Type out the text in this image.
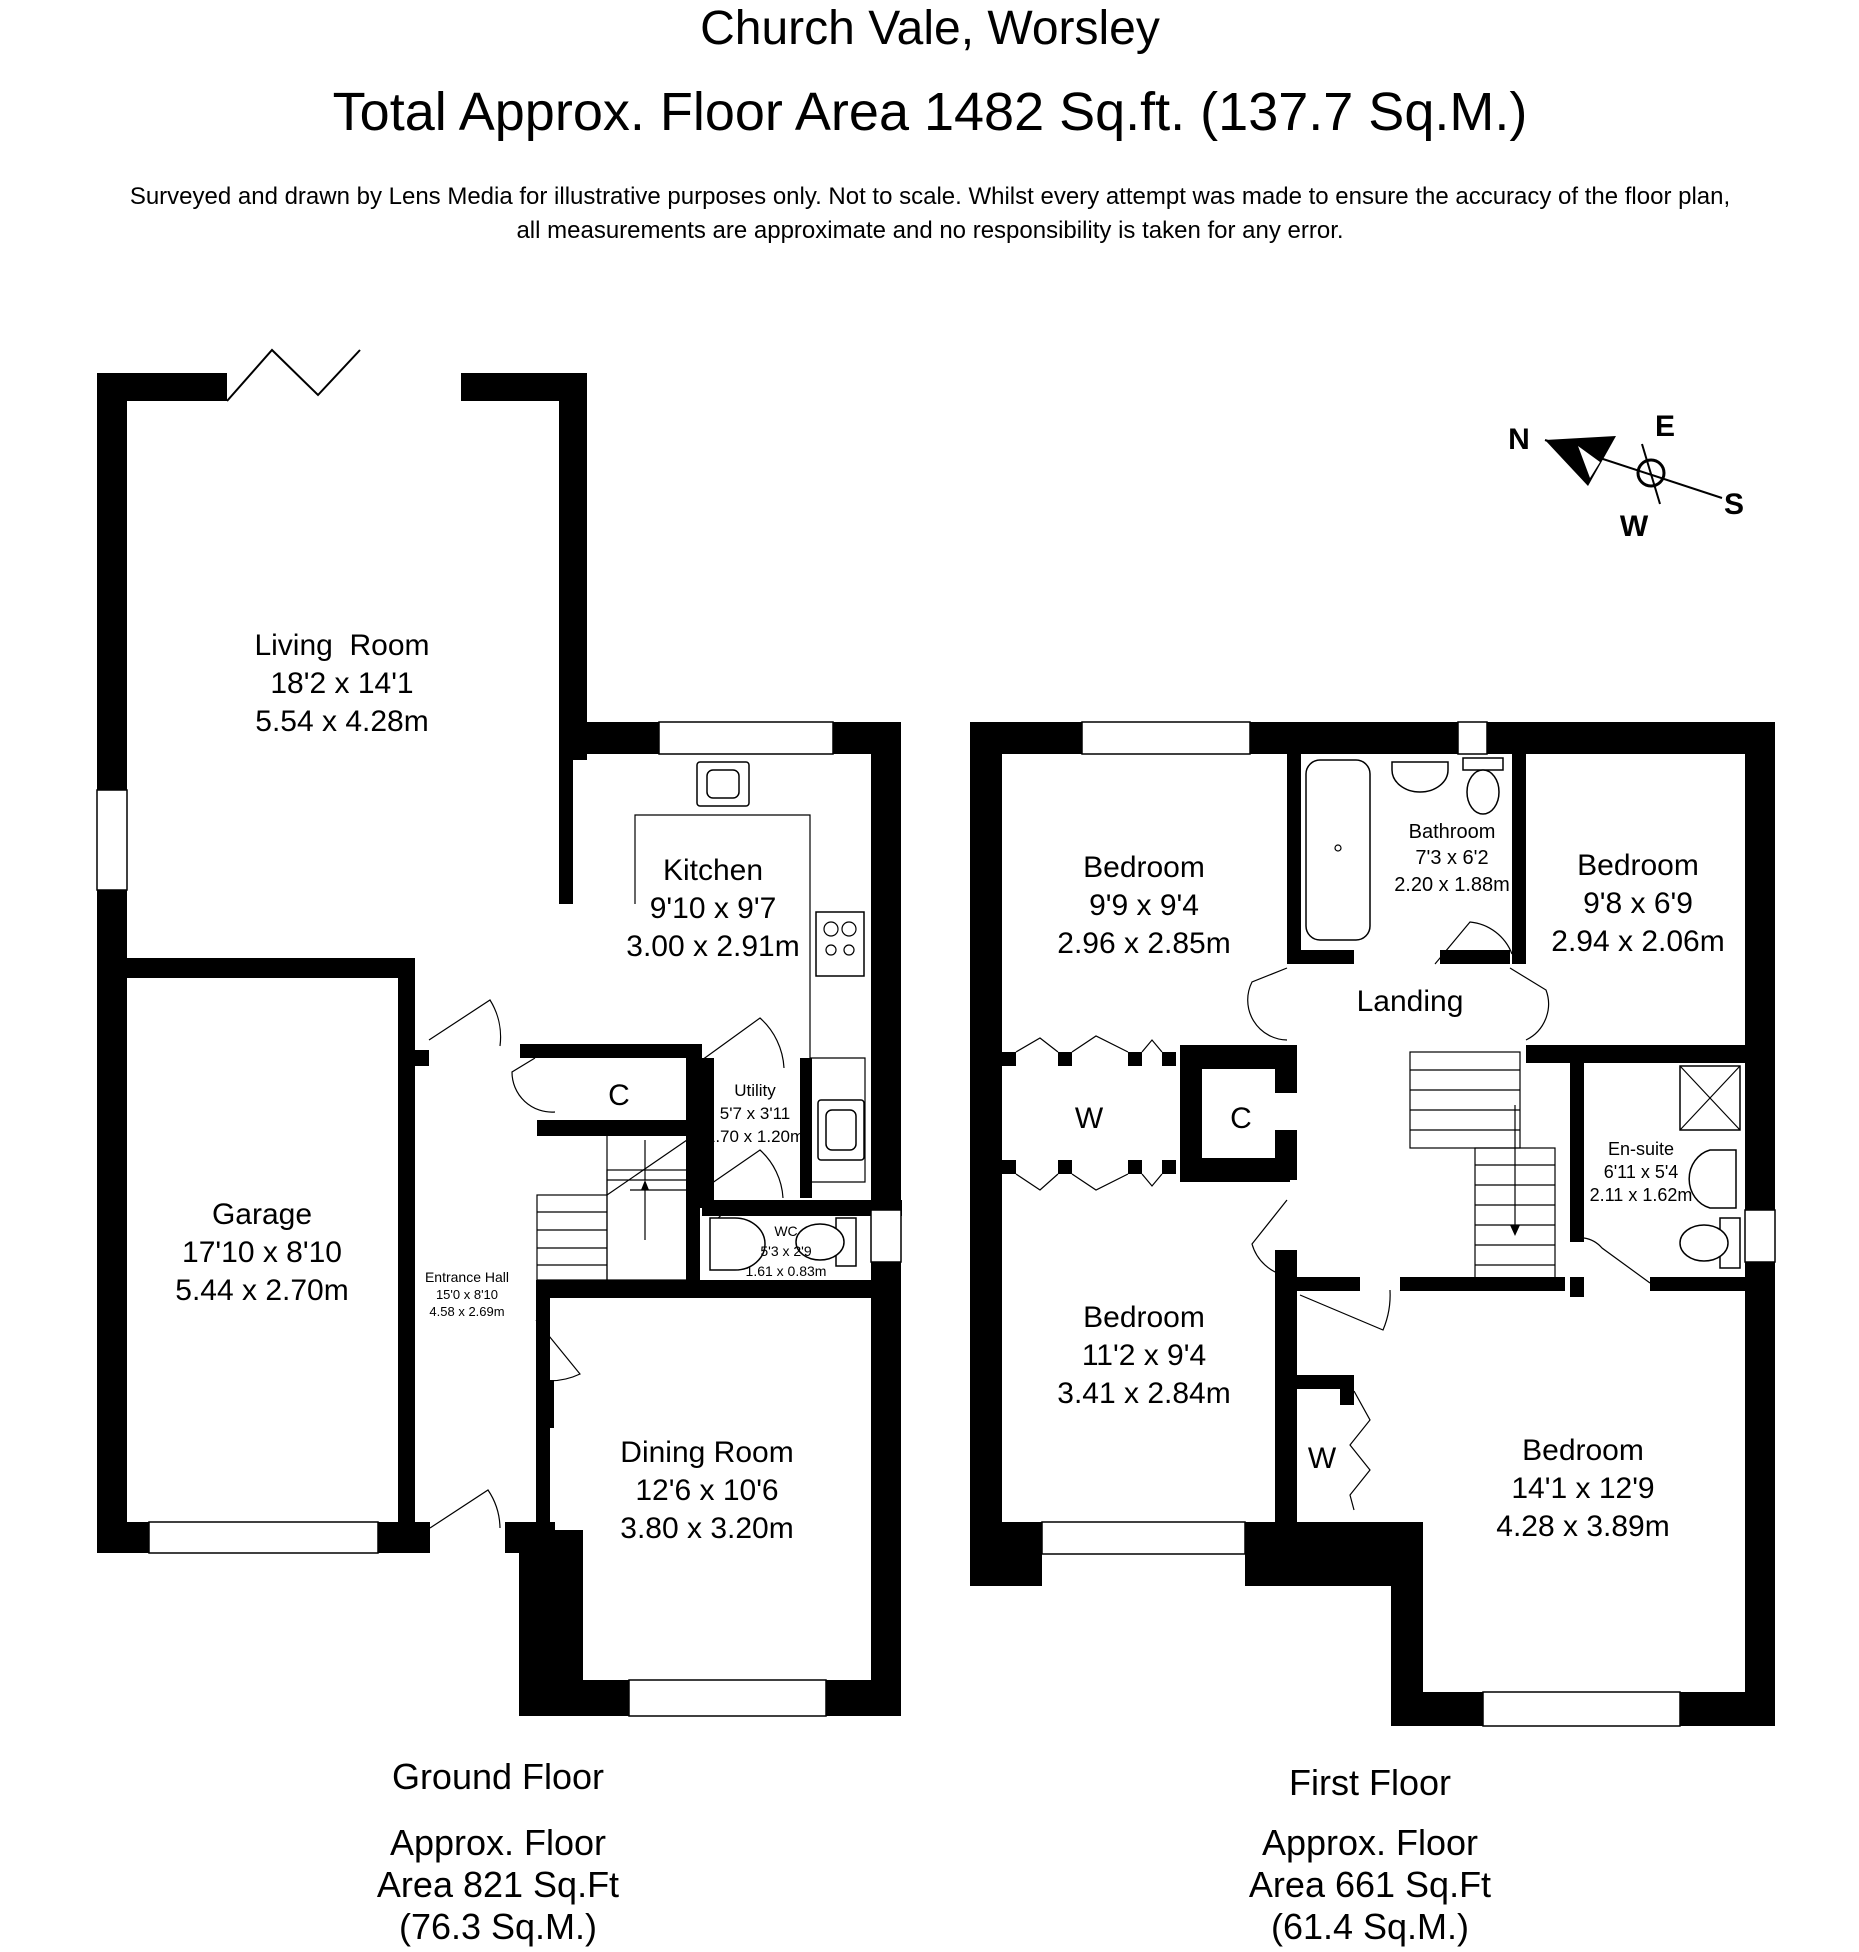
Church Vale, Worsley
Total Approx. Floor Area 1482 Sq.ft. (137.7 Sq.M.)
Surveyed and drawn by Lens Media for illustrative purposes only. Not to scale. Whilst every attempt was made to ensure the accuracy of the floor plan,
all measurements are approximate and no responsibility is taken for any error.
N	E
S
W
Living  Room
18'2 x 14'1
5.54 x 4.28m
Kitchen
9'10 x 9'7
3.00 x 2.91m
Garage
17'10 x 8'10
5.44 x 2.70m
Utility
5'7 x 3'11
1.70 x 1.20m
C
WC
5'3 x 2'9
1.61 x 0.83m
Entrance Hall
15'0 x 8'10
4.58 x 2.69m
Dining Room
12'6 x 10'6
3.80 x 3.20m
Bedroom
9'9 x 9'4
2.96 x 2.85m
Bathroom
7'3 x 6'2
2.20 x 1.88m
Bedroom
9'8 x 6'9
2.94 x 2.06m
Landing
W	C
En-suite
6'11 x 5'4
2.11 x 1.62m
Bedroom
11'2 x 9'4
3.41 x 2.84m
W	Bedroom
14'1 x 12'9
4.28 x 3.89m
Ground Floor
Approx. Floor
Area 821 Sq.Ft
(76.3 Sq.M.)
First Floor
Approx. Floor
Area 661 Sq.Ft
(61.4 Sq.M.)
